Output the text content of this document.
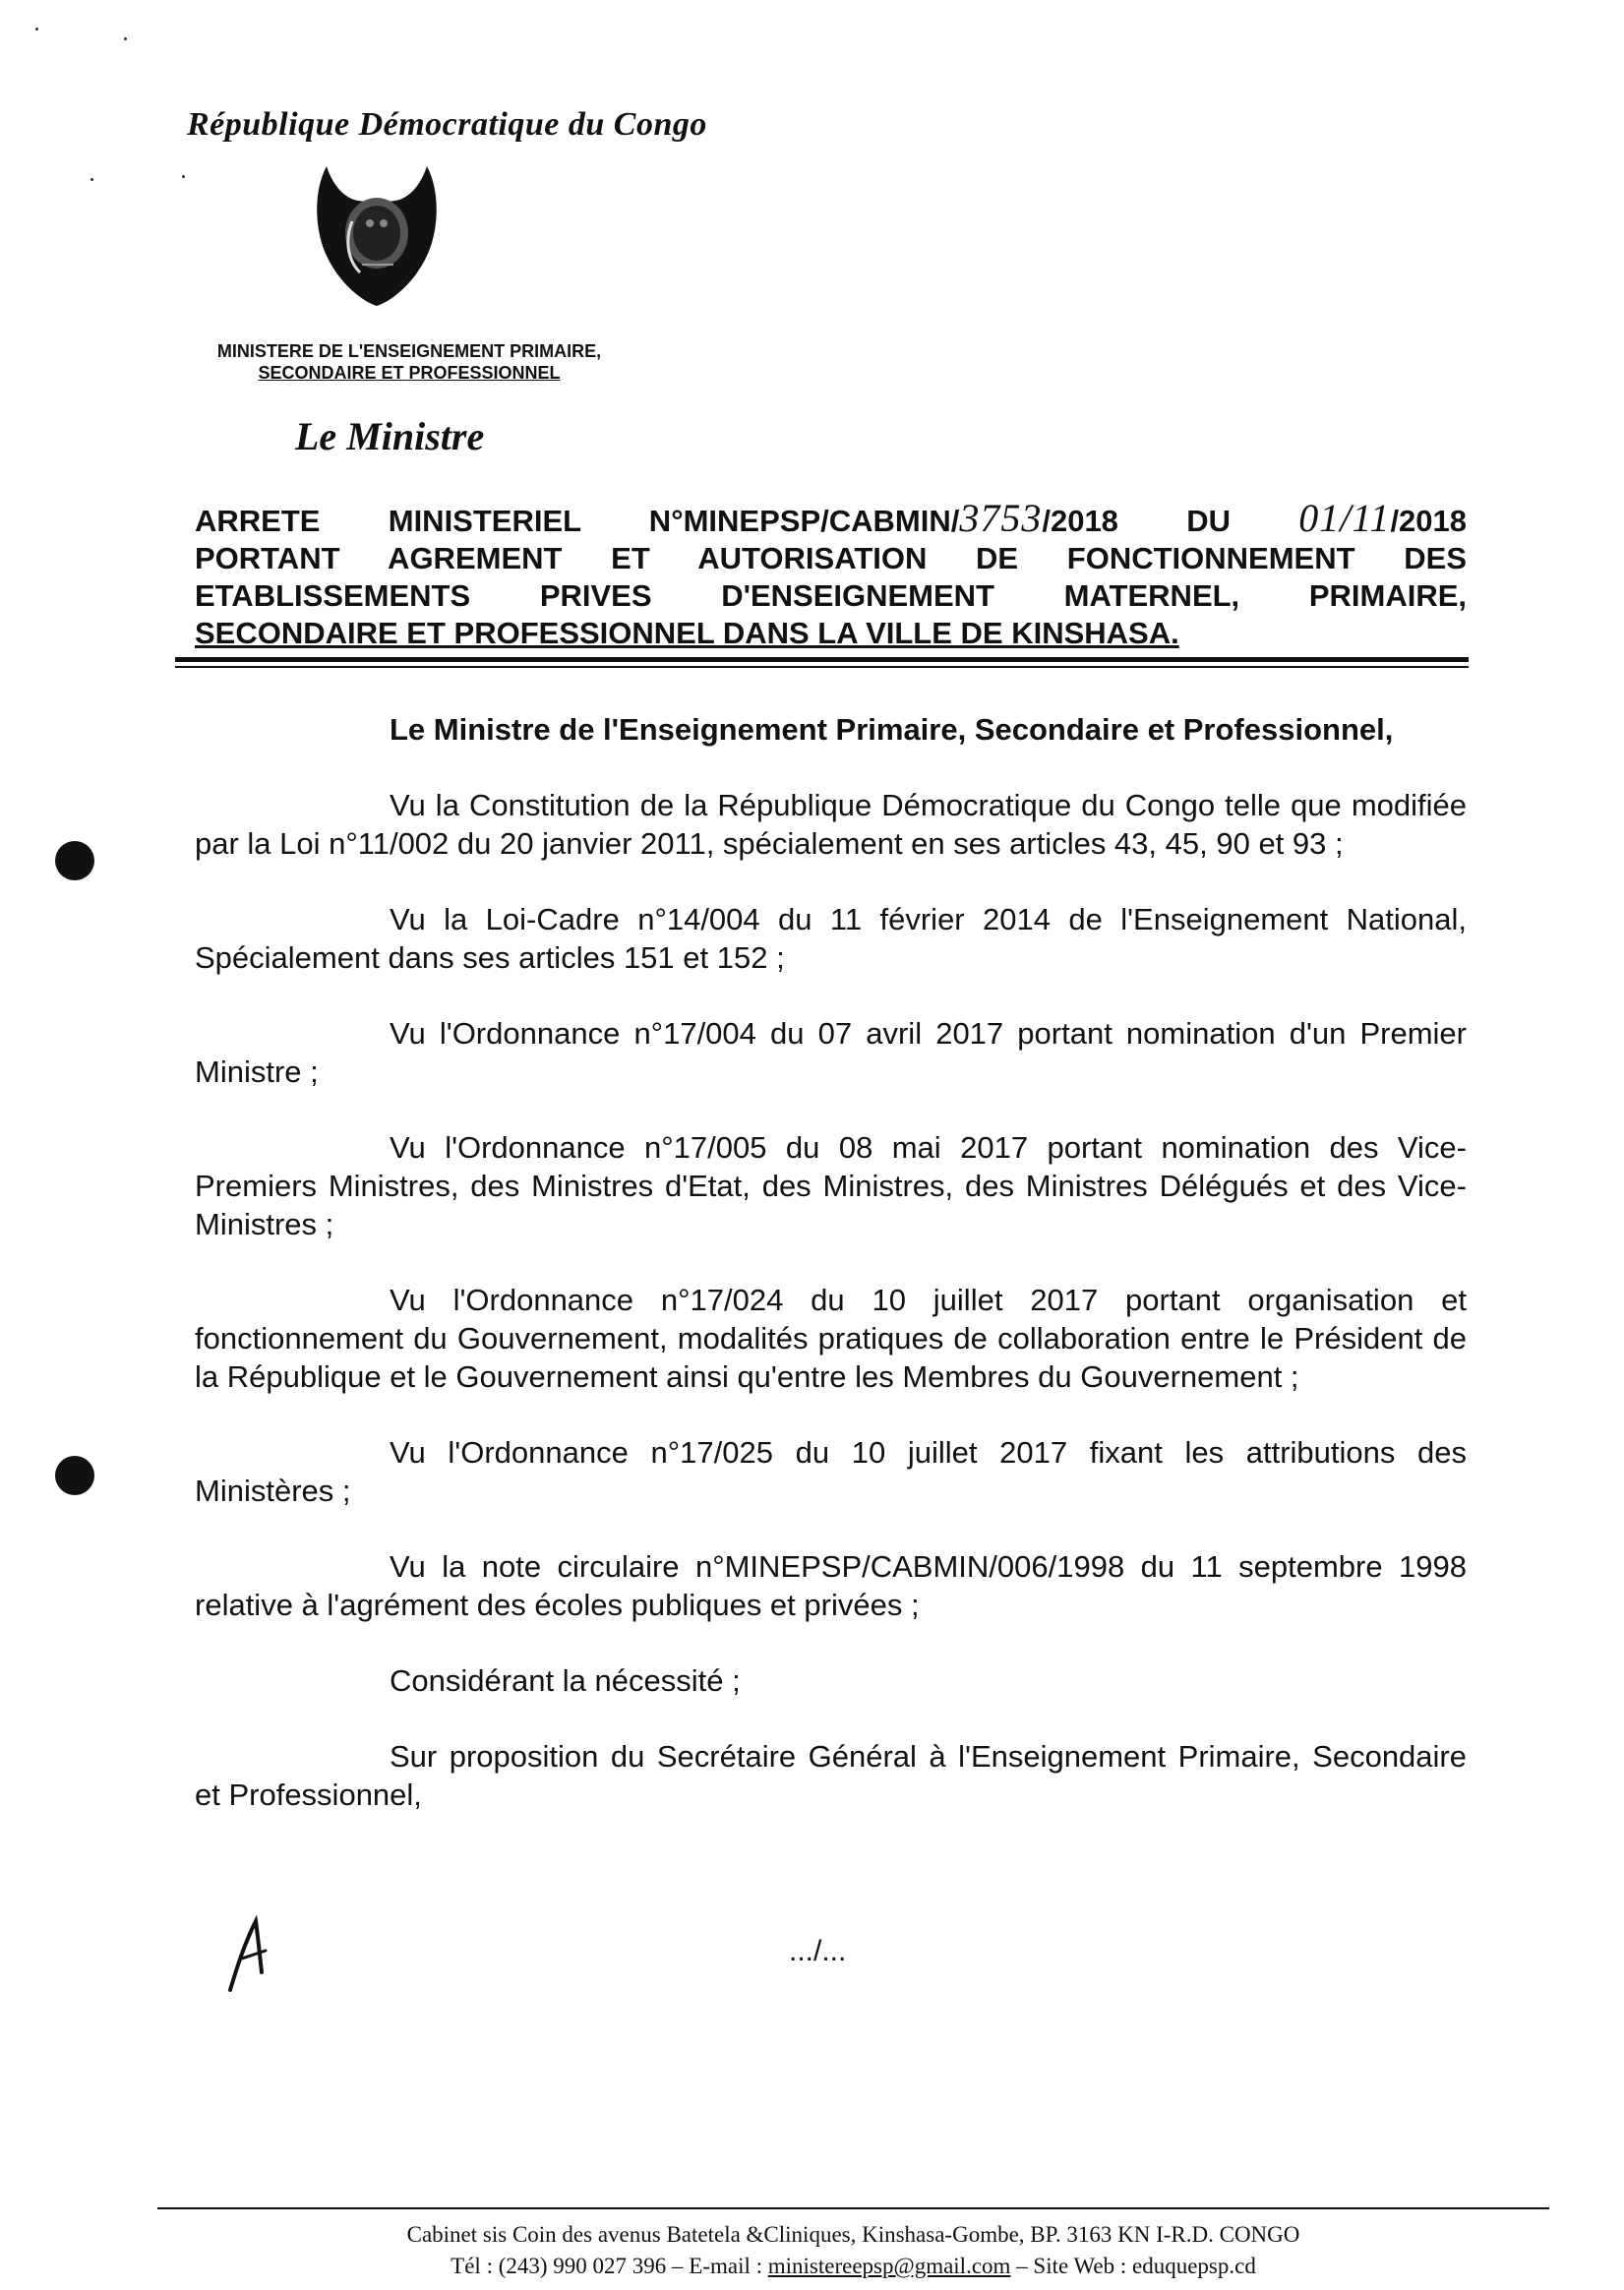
République Démocratique du Congo
MINISTERE DE L'ENSEIGNEMENT PRIMAIRE,
SECONDAIRE ET PROFESSIONNEL
Le Ministre
ARRETE MINISTERIEL N°MINEPSP/CABMIN/3753/2018 DU 01/11/2018
PORTANT AGREMENT ET AUTORISATION DE FONCTIONNEMENT DES
ETABLISSEMENTS PRIVES D'ENSEIGNEMENT MATERNEL, PRIMAIRE,
SECONDAIRE ET PROFESSIONNEL DANS LA VILLE DE KINSHASA.

Le Ministre de l'Enseignement Primaire, Secondaire et Professionnel,

Vu la Constitution de la République Démocratique du Congo telle que modifiée par la Loi n°11/002 du 20 janvier 2011, spécialement en ses articles 43, 45, 90 et 93 ;

Vu la Loi-Cadre n°14/004 du 11 février 2014 de l'Enseignement National, Spécialement dans ses articles 151 et 152 ;

Vu l'Ordonnance n°17/004 du 07 avril 2017 portant nomination d'un Premier Ministre ;

Vu l'Ordonnance n°17/005 du 08 mai 2017 portant nomination des Vice-Premiers Ministres, des Ministres d'Etat, des Ministres, des Ministres Délégués et des Vice-Ministres ;

Vu l'Ordonnance n°17/024 du 10 juillet 2017 portant organisation et fonctionnement du Gouvernement, modalités pratiques de collaboration entre le Président de la République et le Gouvernement ainsi qu'entre les Membres du Gouvernement ;

Vu l'Ordonnance n°17/025 du 10 juillet 2017 fixant les attributions des Ministères ;

Vu la note circulaire n°MINEPSP/CABMIN/006/1998 du 11 septembre 1998 relative à l'agrément des écoles publiques et privées ;

Considérant la nécessité ;

Sur proposition du Secrétaire Général à l'Enseignement Primaire, Secondaire et Professionnel,

.../...
Cabinet sis Coin des avenus Batetela &Cliniques, Kinshasa-Gombe, BP. 3163 KN I-R.D. CONGO
Tél : (243) 990 027 396 – E-mail : ministereepsp@gmail.com – Site Web : eduquepsp.cd
